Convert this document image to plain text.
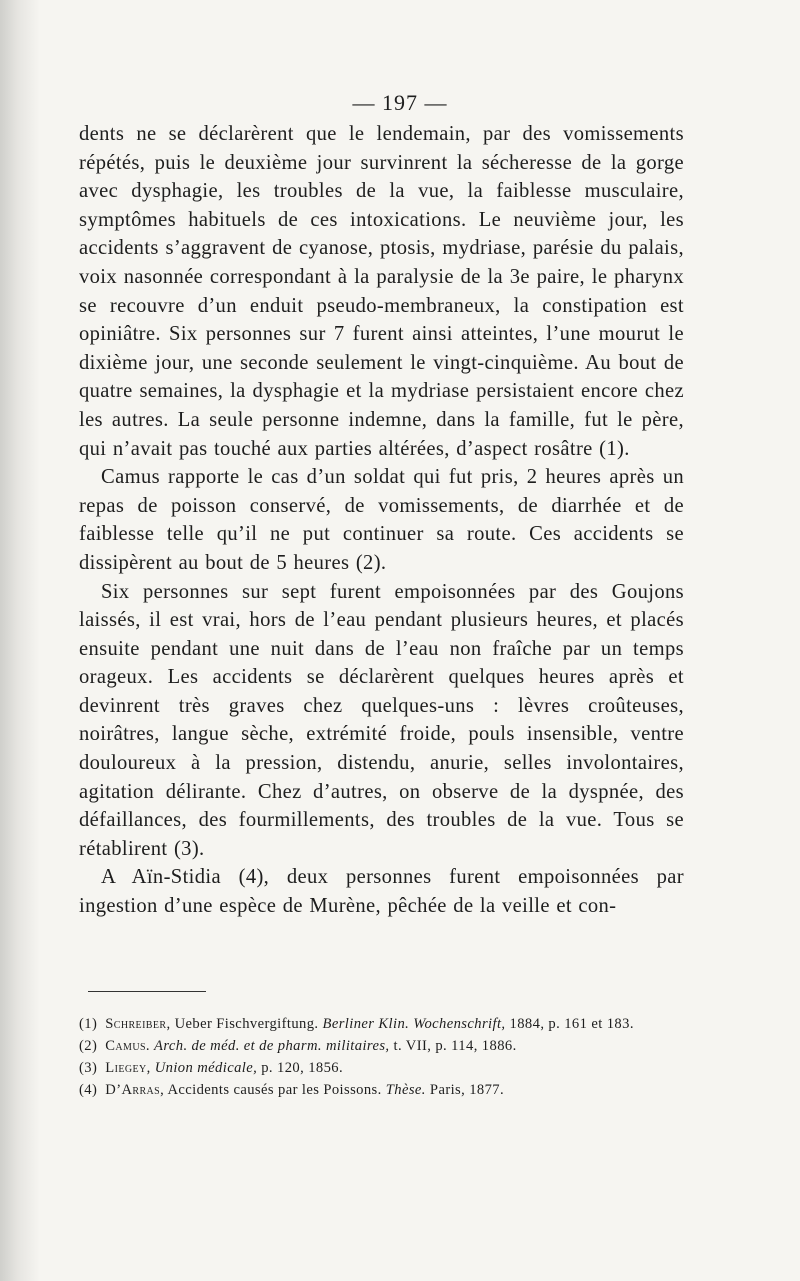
— 197 —

dents ne se déclarèrent que le lendemain, par des vomissements répétés, puis le deuxième jour survinrent la sécheresse de la gorge avec dysphagie, les troubles de la vue, la faiblesse musculaire, symptômes habituels de ces intoxications. Le neuvième jour, les accidents s’aggravent de cyanose, ptosis, mydriase, parésie du palais, voix nasonnée correspondant à la paralysie de la 3e paire, le pharynx se recouvre d’un enduit pseudo-membraneux, la constipation est opiniâtre. Six personnes sur 7 furent ainsi atteintes, l’une mourut le dixième jour, une seconde seulement le vingt-cinquième. Au bout de quatre semaines, la dysphagie et la mydriase persistaient encore chez les autres. La seule personne indemne, dans la famille, fut le père, qui n’avait pas touché aux parties altérées, d’aspect rosâtre (1).

Camus rapporte le cas d’un soldat qui fut pris, 2 heures après un repas de poisson conservé, de vomissements, de diarrhée et de faiblesse telle qu’il ne put continuer sa route. Ces accidents se dissipèrent au bout de 5 heures (2).

Six personnes sur sept furent empoisonnées par des Goujons laissés, il est vrai, hors de l’eau pendant plusieurs heures, et placés ensuite pendant une nuit dans de l’eau non fraîche par un temps orageux. Les accidents se déclarèrent quelques heures après et devinrent très graves chez quelques-uns : lèvres croûteuses, noirâtres, langue sèche, extrémité froide, pouls insensible, ventre douloureux à la pression, distendu, anurie, selles involontaires, agitation délirante. Chez d’autres, on observe de la dyspnée, des défaillances, des fourmillements, des troubles de la vue. Tous se rétablirent (3).

A Aïn-Stidia (4), deux personnes furent empoisonnées par ingestion d’une espèce de Murène, pêchée de la veille et con-

(1) Schreiber, Ueber Fischvergiftung. Berliner Klin. Wochenschrift, 1884, p. 161 et 183.

(2) Camus. Arch. de méd. et de pharm. militaires, t. VII, p. 114, 1886.

(3) Liegey, Union médicale, p. 120, 1856.

(4) D’Arras, Accidents causés par les Poissons. Thèse. Paris, 1877.
